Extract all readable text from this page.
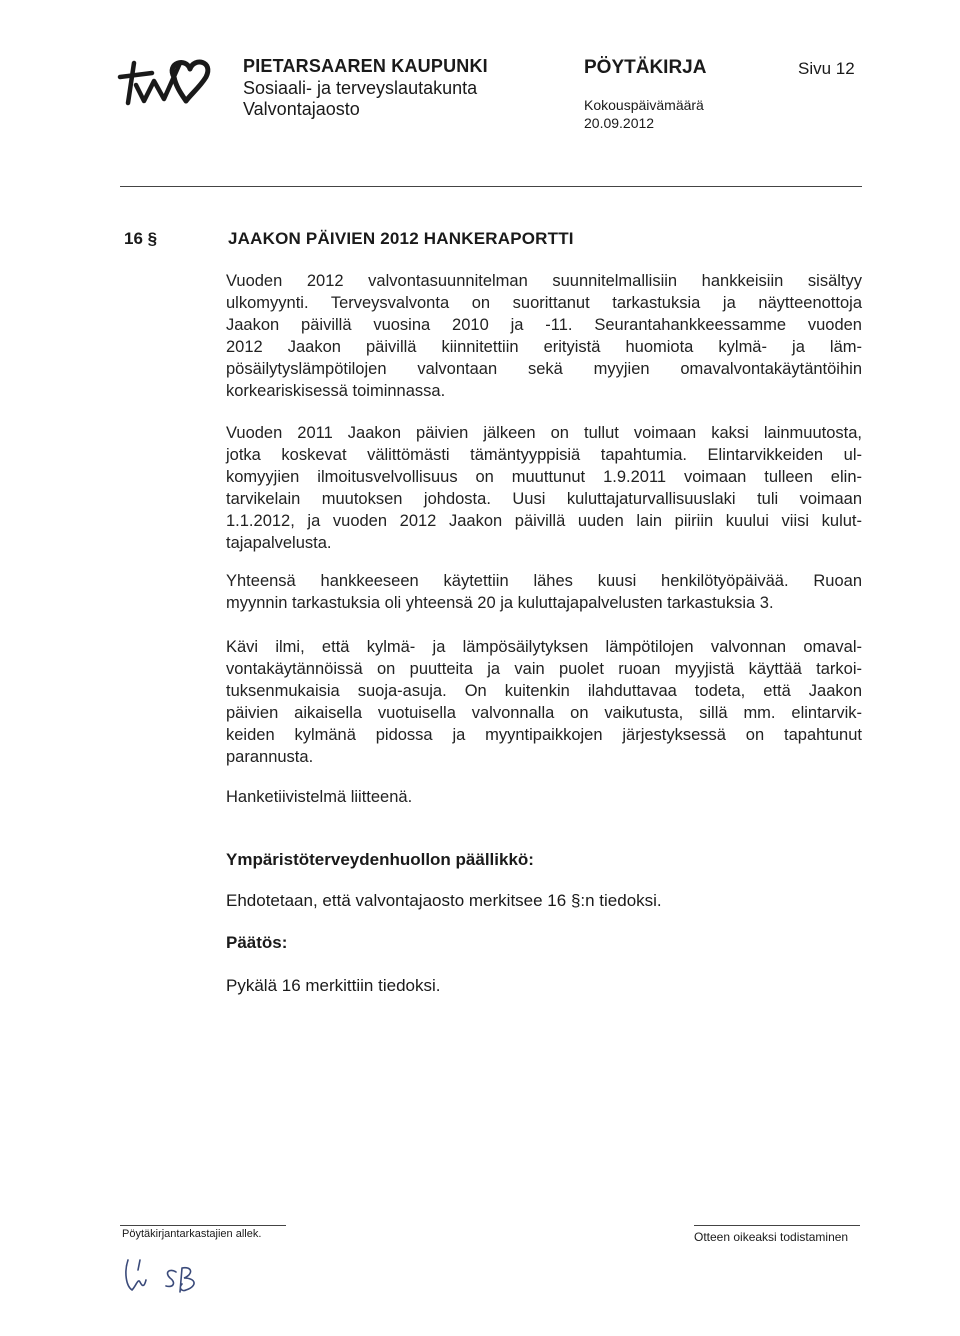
PIETARSAAREN KAUPUNKI
Sosiaali- ja terveyslautakunta
Valvontajaosto
PÖYTÄKIRJA	Sivu 12
Kokouspäivämäärä
20.09.2012
16 §	JAAKON PÄIVIEN 2012 HANKERAPORTTI
Vuoden 2012 valvontasuunnitelman suunnitelmallisiin hankkeisiin sisältyy
ulkomyynti. Terveysvalvonta on suorittanut tarkastuksia ja näytteenottoja
Jaakon päivillä vuosina 2010 ja -11. Seurantahankkeessamme vuoden
2012 Jaakon päivillä kiinnitettiin erityistä huomiota kylmä- ja läm-
pösäilytyslämpötilojen valvontaan sekä myyjien omavalvontakäytäntöihin
korkeariskisessä toiminnassa.
Vuoden 2011 Jaakon päivien jälkeen on tullut voimaan kaksi lainmuutosta,
jotka koskevat välittömästi tämäntyyppisiä tapahtumia. Elintarvikkeiden ul-
komyyjien ilmoitusvelvollisuus on muuttunut 1.9.2011 voimaan tulleen elin-
tarvikelain muutoksen johdosta. Uusi kuluttajaturvallisuuslaki tuli voimaan
1.1.2012, ja vuoden 2012 Jaakon päivillä uuden lain piiriin kuului viisi kulut-
tajapalvelusta.
Yhteensä hankkeeseen käytettiin lähes kuusi henkilötyöpäivää. Ruoan
myynnin tarkastuksia oli yhteensä 20 ja kuluttajapalvelusten tarkastuksia 3.
Kävi ilmi, että kylmä- ja lämpösäilytyksen lämpötilojen valvonnan omaval-
vontakäytännöissä on puutteita ja vain puolet ruoan myyjistä käyttää tarkoi-
tuksenmukaisia suoja-asuja. On kuitenkin ilahduttavaa todeta, että Jaakon
päivien aikaisella vuotuisella valvonnalla on vaikutusta, sillä mm. elintarvik-
keiden kylmänä pidossa ja myyntipaikkojen järjestyksessä on tapahtunut
parannusta.
Hanketiivistelmä liitteenä.
Ympäristöterveydenhuollon päällikkö:
Ehdotetaan, että valvontajaosto merkitsee 16 §:n tiedoksi.
Päätös:
Pykälä 16 merkittiin tiedoksi.
Pöytäkirjantarkastajien allek.	Otteen oikeaksi todistaminen
